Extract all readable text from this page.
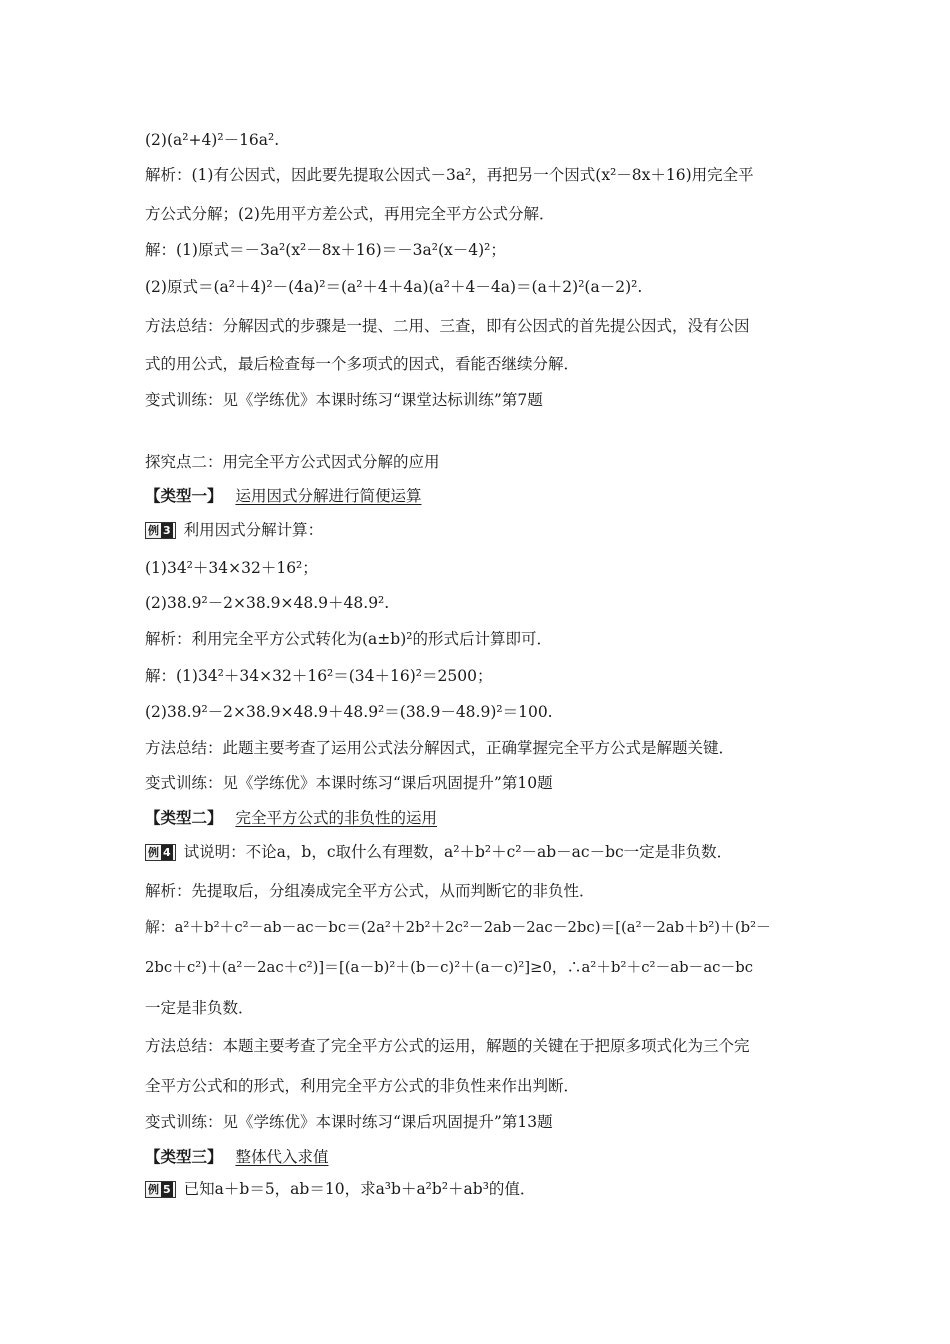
(2)(a²+4)²－16a².
解析：(1)有公因式，因此要先提取公因式－3a²，再把另一个因式(x²－8x＋16)用完全平
方公式分解；(2)先用平方差公式，再用完全平方公式分解．
解：(1)原式＝－3a²(x²－8x＋16)＝－3a²(x－4)²；
(2)原式＝(a²＋4)²－(4a)²＝(a²＋4＋4a)(a²＋4－4a)＝(a＋2)²(a－2)².
方法总结：分解因式的步骤是一提、二用、三查，即有公因式的首先提公因式，没有公因
式的用公式，最后检查每一个多项式的因式，看能否继续分解．
变式训练：见《学练优》本课时练习“课堂达标训练”第7题
探究点二：用完全平方公式因式分解的应用
【类型一】 运用因式分解进行简便运算
例 3 利用因式分解计算：
(1)34²＋34×32＋16²；
(2)38.9²－2×38.9×48.9＋48.9².
解析：利用完全平方公式转化为(a±b)²的形式后计算即可．
解：(1)34²＋34×32＋16²＝(34＋16)²＝2500；
(2)38.9²－2×38.9×48.9＋48.9²＝(38.9－48.9)²＝100.
方法总结：此题主要考查了运用公式法分解因式，正确掌握完全平方公式是解题关键．
变式训练：见《学练优》本课时练习“课后巩固提升”第10题
【类型二】 完全平方公式的非负性的运用
例 4 试说明：不论a，b，c取什么有理数，a²＋b²＋c²－ab－ac－bc一定是非负数．
解析：先提取后，分组凑成完全平方公式，从而判断它的非负性．
解：a²＋b²＋c²－ab－ac－bc＝(2a²＋2b²＋2c²－2ab－2ac－2bc)＝[(a²－2ab＋b²)＋(b²－
2bc＋c²)＋(a²－2ac＋c²)]＝[(a－b)²＋(b－c)²＋(a－c)²]≥0，∴a²＋b²＋c²－ab－ac－bc
一定是非负数．
方法总结：本题主要考查了完全平方公式的运用，解题的关键在于把原多项式化为三个完
全平方公式和的形式，利用完全平方公式的非负性来作出判断．
变式训练：见《学练优》本课时练习“课后巩固提升”第13题
【类型三】 整体代入求值
例 5 已知a＋b＝5，ab＝10，求a³b＋a²b²＋ab³的值．
